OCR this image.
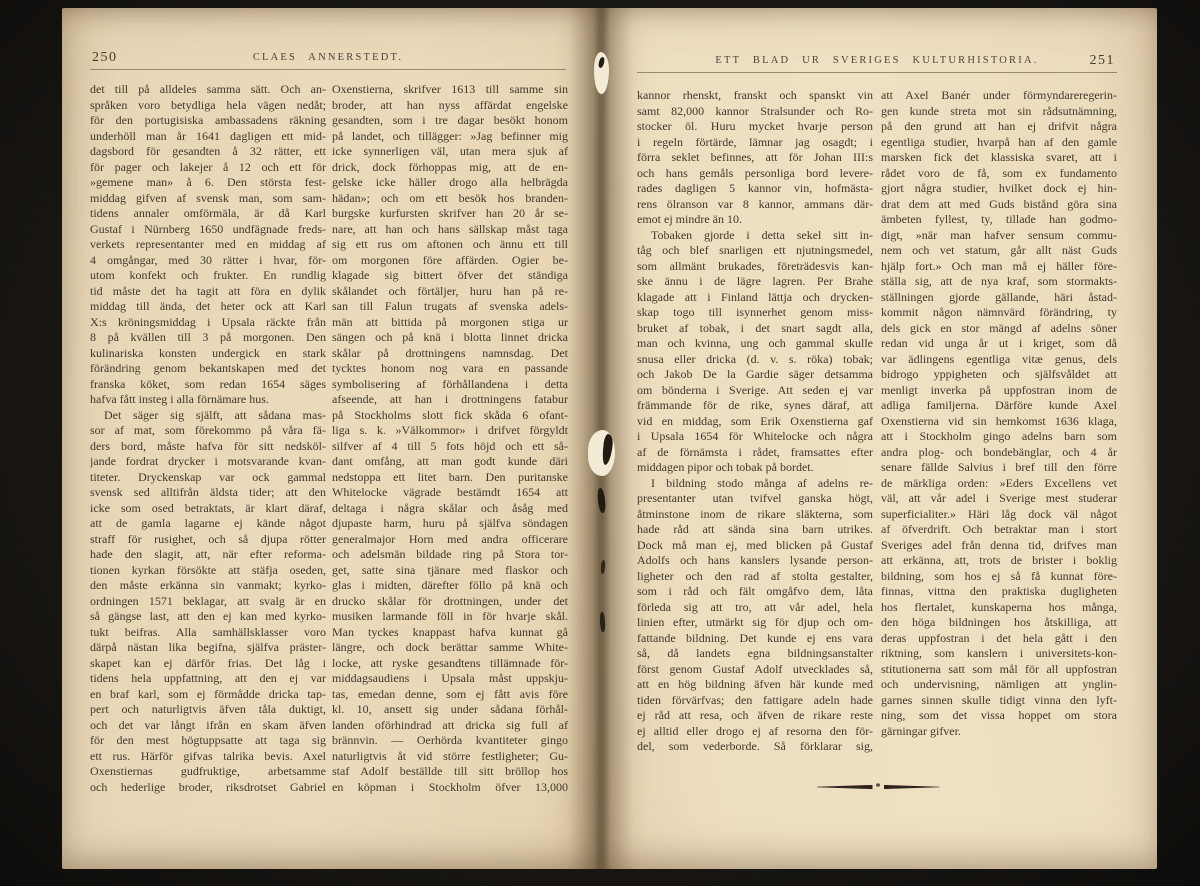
250	CLAES ANNERSTEDT.
det till på alldeles samma sätt. Och an-
språken voro betydliga hela vägen nedåt;
för den portugisiska ambassadens räkning
underhöll man år 1641 dagligen ett mid-
dagsbord för gesandten å 32 rätter, ett
för pager och lakejer å 12 och ett för
»gemene man» å 6. Den största fest-
middag gifven af svensk man, som sam-
tidens annaler omförmäla, är då Karl
Gustaf i Nürnberg 1650 undfägnade freds-
verkets representanter med en middag af
4 omgångar, med 30 rätter i hvar, för-
utom konfekt och frukter. En rundlig
tid måste det ha tagit att föra en dylik
middag till ända, det heter ock att Karl
X:s kröningsmiddag i Upsala räckte från
8 på kvällen till 3 på morgonen. Den
kulinariska konsten undergick en stark
förändring genom bekantskapen med det
franska köket, som redan 1654 säges
hafva fått insteg i alla förnämare hus.
Det säger sig själft, att sådana mas-
sor af mat, som förekommo på våra fä-
ders bord, måste hafva för sitt nedsköl-
jande fordrat drycker i motsvarande kvan-
titeter. Dryckenskap var ock gammal
svensk sed alltifrån äldsta tider; att den
icke som osed betraktats, är klart däraf,
att de gamla lagarne ej kände något
straff för rusighet, och så djupa rötter
hade den slagit, att, när efter reforma-
tionen kyrkan försökte att stäfja oseden,
den måste erkänna sin vanmakt; kyrko-
ordningen 1571 beklagar, att svalg är en
så gängse last, att den ej kan med kyrko-
tukt beifras. Alla samhällsklasser voro
därpå nästan lika begifna, själfva präster-
skapet kan ej därför frias. Det låg i
tidens hela uppfattning, att den ej var
en braf karl, som ej förmådde dricka tap-
pert och naturligtvis äfven tåla duktigt,
och det var långt ifrån en skam äfven
för den mest högtuppsatte att taga sig
ett rus. Härför gifvas talrika bevis. Axel
Oxenstiernas gudfruktige, arbetsamme
och hederlige broder, riksdrotset Gabriel
Oxenstierna, skrifver 1613 till samme sin
broder, att han nyss affärdat engelske
gesandten, som i tre dagar besökt honom
på landet, och tillägger: »Jag befinner mig
icke synnerligen väl, utan mera sjuk af
drick, dock förhoppas mig, att de en-
gelske icke häller drogo alla helbrägda
hädan»; och om ett besök hos branden-
burgske kurfursten skrifver han 20 år se-
nare, att han och hans sällskap måst taga
sig ett rus om aftonen och ännu ett till
om morgonen före affärden. Ogier be-
klagade sig bittert öfver det ständiga
skålandet och förtäljer, huru han på re-
san till Falun trugats af svenska adels-
män att bittida på morgonen stiga ur
sängen och på knä i blotta linnet dricka
skålar på drottningens namnsdag. Det
tycktes honom nog vara en passande
symbolisering af förhållandena i detta
afseende, att han i drottningens fatabur
på Stockholms slott fick skåda 6 ofant-
liga s. k. »Välkommor» i drifvet förgyldt
silfver af 4 till 5 fots höjd och ett så-
dant omfång, att man godt kunde däri
nedstoppa ett litet barn. Den puritanske
Whitelocke vägrade bestämdt 1654 att
deltaga i några skålar och åsåg med
djupaste harm, huru på själfva söndagen
generalmajor Horn med andra officerare
och adelsmän bildade ring på Stora tor-
get, satte sina tjänare med flaskor och
glas i midten, därefter föllo på knä och
drucko skålar för drottningen, under det
musiken larmande föll in för hvarje skål.
Man tyckes knappast hafva kunnat gå
längre, och dock berättar samme White-
locke, att ryske gesandtens tillämnade för-
middagsaudiens i Upsala måst uppskju-
tas, emedan denne, som ej fått avis före
kl. 10, ansett sig under sådana förhål-
landen oförhindrad att dricka sig full af
brännvin. — Oerhörda kvantiteter gingo
naturligtvis åt vid större festligheter; Gu-
staf Adolf beställde till sitt bröllop hos
en köpman i Stockholm öfver 13,000
ETT BLAD UR SVERIGES KULTURHISTORIA.	251
kannor rhenskt, franskt och spanskt vin
samt 82,000 kannor Stralsunder och Ro-
stocker öl. Huru mycket hvarje person
i regeln förtärde, lämnar jag osagdt; i
förra seklet befinnes, att för Johan III:s
och hans gemåls personliga bord levere-
rades dagligen 5 kannor vin, hofmästa-
rens ölranson var 8 kannor, ammans där-
emot ej mindre än 10.
Tobaken gjorde i detta sekel sitt in-
tåg och blef snarligen ett njutningsmedel,
som allmänt brukades, företrädesvis kan-
ske ännu i de lägre lagren. Per Brahe
klagade att i Finland lättja och drycken-
skap togo till isynnerhet genom miss-
bruket af tobak, i det snart sagdt alla,
man och kvinna, ung och gammal skulle
snusa eller dricka (d. v. s. röka) tobak;
och Jakob De la Gardie säger detsamma
om bönderna i Sverige. Att seden ej var
främmande för de rike, synes däraf, att
vid en middag, som Erik Oxenstierna gaf
i Upsala 1654 för Whitelocke och några
af de förnämsta i rådet, framsattes efter
middagen pipor och tobak på bordet.
I bildning stodo många af adelns re-
presentanter utan tvifvel ganska högt,
åtminstone inom de rikare släkterna, som
hade råd att sända sina barn utrikes.
Dock må man ej, med blicken på Gustaf
Adolfs och hans kanslers lysande person-
ligheter och den rad af stolta gestalter,
som i råd och fält omgåfvo dem, låta
förleda sig att tro, att vår adel, hela
linien efter, utmärkt sig för djup och om-
fattande bildning. Det kunde ej ens vara
så, då landets egna bildningsanstalter
först genom Gustaf Adolf utvecklades så,
att en hög bildning äfven här kunde med
tiden förvärfvas; den fattigare adeln hade
ej råd att resa, och äfven de rikare reste
ej alltid eller drogo ej af resorna den för-
del, som vederborde. Så förklarar sig,
att Axel Banér under förmyndareregerin-
gen kunde streta mot sin rådsutnämning,
på den grund att han ej drifvit några
egentliga studier, hvarpå han af den gamle
marsken fick det klassiska svaret, att i
rådet voro de få, som ex fundamento
gjort några studier, hvilket dock ej hin-
drat dem att med Guds bistånd göra sina
ämbeten fyllest, ty, tillade han godmo-
digt, »när man hafver sensum commu-
nem och vet statum, går allt näst Guds
hjälp fort.» Och man må ej häller före-
ställa sig, att de nya kraf, som stormakts-
ställningen gjorde gällande, häri åstad-
kommit någon nämnvärd förändring, ty
dels gick en stor mängd af adelns söner
redan vid unga år ut i kriget, som då
var ädlingens egentliga vitæ genus, dels
bidrogo yppigheten och själfsvåldet att
menligt inverka på uppfostran inom de
adliga familjerna. Därföre kunde Axel
Oxenstierna vid sin hemkomst 1636 klaga,
att i Stockholm gingo adelns barn som
andra plog- och bondebänglar, och 4 år
senare fällde Salvius i bref till den förre
de märkliga orden: »Eders Excellens vet
väl, att vår adel i Sverige mest studerar
superficialiter.» Häri låg dock väl något
af öfverdrift. Och betraktar man i stort
Sveriges adel från denna tid, drifves man
att erkänna, att, trots de brister i boklig
bildning, som hos ej så få kunnat före-
finnas, vittna den praktiska dugligheten
hos flertalet, kunskaperna hos många,
den höga bildningen hos åtskilliga, att
deras uppfostran i det hela gått i den
riktning, som kanslern i universitets-kon-
stitutionerna satt som mål för all uppfostran
och undervisning, nämligen att ynglin-
garnes sinnen skulle tidigt vinna den lyft-
ning, som det vissa hoppet om stora
gärningar gifver.
*
